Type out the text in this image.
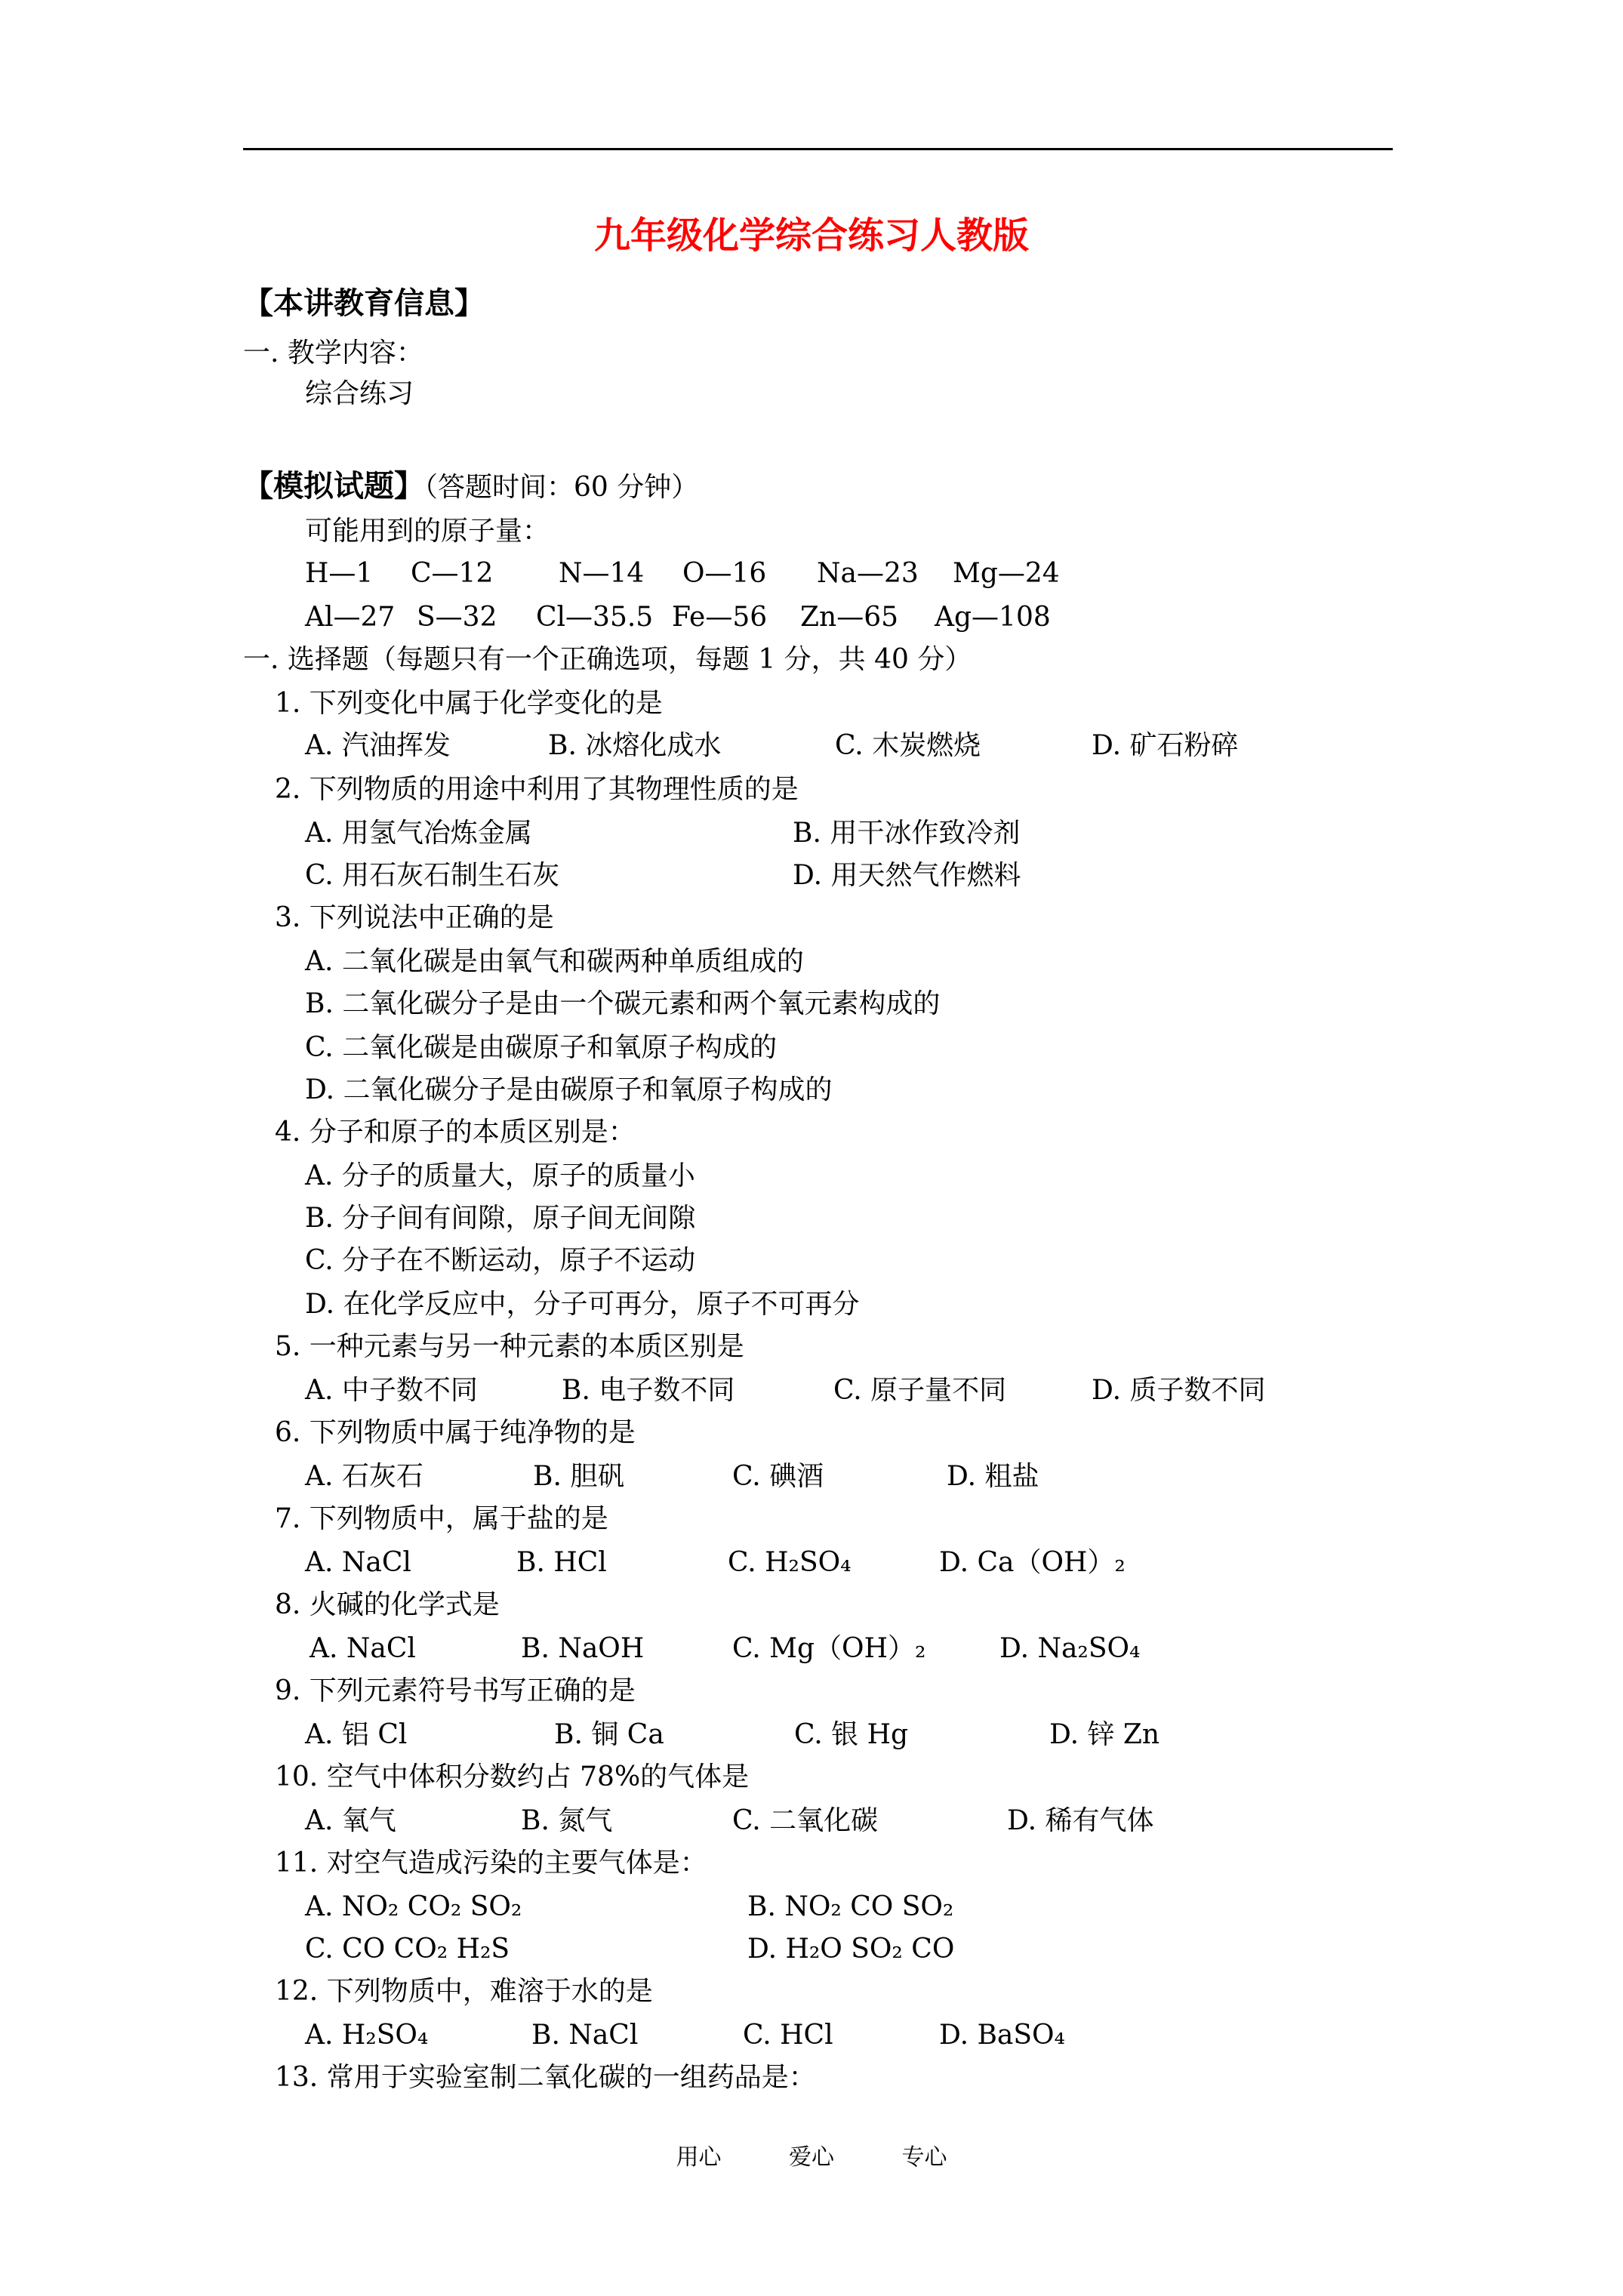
九年级化学综合练习人教版
【本讲教育信息】
一. 教学内容：
综合练习
【模拟试题】（答题时间：60 分钟）
可能用到的原子量：
H—1 C—12 N—14 O—16 Na—23 Mg—24
Al—27 S—32 Cl—35.5 Fe—56 Zn—65 Ag—108
一. 选择题（每题只有一个正确选项，每题 1 分，共 40 分）
1. 下列变化中属于化学变化的是
A. 汽油挥发	B. 冰熔化成水	C. 木炭燃烧	D. 矿石粉碎
2. 下列物质的用途中利用了其物理性质的是
A. 用氢气冶炼金属	B. 用干冰作致冷剂
C. 用石灰石制生石灰	D. 用天然气作燃料
3. 下列说法中正确的是
A. 二氧化碳是由氧气和碳两种单质组成的
B. 二氧化碳分子是由一个碳元素和两个氧元素构成的
C. 二氧化碳是由碳原子和氧原子构成的
D. 二氧化碳分子是由碳原子和氧原子构成的
4. 分子和原子的本质区别是：
A. 分子的质量大，原子的质量小
B. 分子间有间隙，原子间无间隙
C. 分子在不断运动，原子不运动
D. 在化学反应中，分子可再分，原子不可再分
5. 一种元素与另一种元素的本质区别是
A. 中子数不同	B. 电子数不同	C. 原子量不同	D. 质子数不同
6. 下列物质中属于纯净物的是
A. 石灰石	B. 胆矾	C. 碘酒	D. 粗盐
7. 下列物质中，属于盐的是
A. NaCl	B. HCl	C. H₂SO₄	D. Ca（OH）₂
8. 火碱的化学式是
A. NaCl	B. NaOH	C. Mg（OH）₂	D. Na₂SO₄
9. 下列元素符号书写正确的是
A. 铝 Cl	B. 铜 Ca	C. 银 Hg	D. 锌 Zn
10. 空气中体积分数约占 78%的气体是
A. 氧气	B. 氮气	C. 二氧化碳	D. 稀有气体
11. 对空气造成污染的主要气体是：
A. NO₂ CO₂ SO₂	B. NO₂ CO SO₂
C. CO CO₂ H₂S	D. H₂O SO₂ CO
12. 下列物质中，难溶于水的是
A. H₂SO₄	B. NaCl	C. HCl	D. BaSO₄
13. 常用于实验室制二氧化碳的一组药品是：
用心 爱心 专心
